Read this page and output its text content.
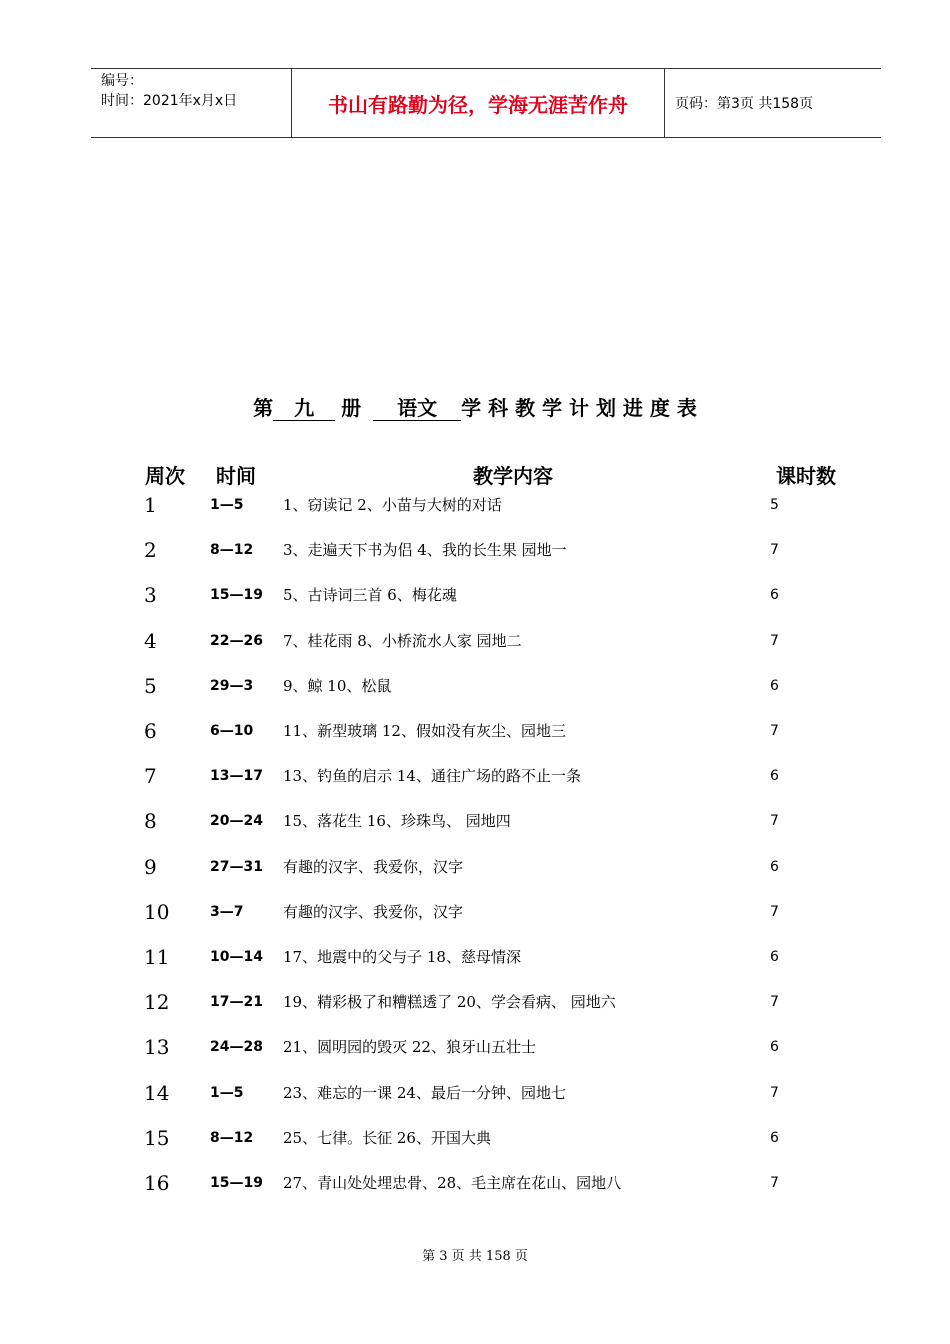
编号：
时间：2021年x月x日	书山有路勤为径，学海无涯苦作舟	页码：第3页 共158页
第 九 册 语文 学 科 教 学 计 划 进 度 表
周次 时间	教学内容	课时数
1	1—5	1、窃读记 2、小苗与大树的对话	5
2	8—12 3、走遍天下书为侣 4、我的长生果 园地一	7
3	15—19 5、古诗词三首 6、梅花魂	6
4	22—26 7、桂花雨 8、小桥流水人家 园地二	7
5	29—3 9、鲸 10、松鼠	6
6	6—10 11、新型玻璃 12、假如没有灰尘、园地三	7
7	13—17 13、钓鱼的启示 14、通往广场的路不止一条	6
8	20—24 15、落花生 16、珍珠鸟、 园地四	7
9	27—31 有趣的汉字、我爱你，汉字	6
10	3—7	有趣的汉字、我爱你，汉字	7
11	10—14 17、地震中的父与子 18、慈母情深	6
12	17—21 19、精彩极了和糟糕透了 20、学会看病、 园地六	7
13	24—28 21、圆明园的毁灭 22、狼牙山五壮士	6
14	1—5	23、难忘的一课 24、最后一分钟、园地七	7
15	8—12 25、七律。长征 26、开国大典	6
16	15—19 27、青山处处埋忠骨、28、毛主席在花山、园地八	7
第 3 页 共 158 页
